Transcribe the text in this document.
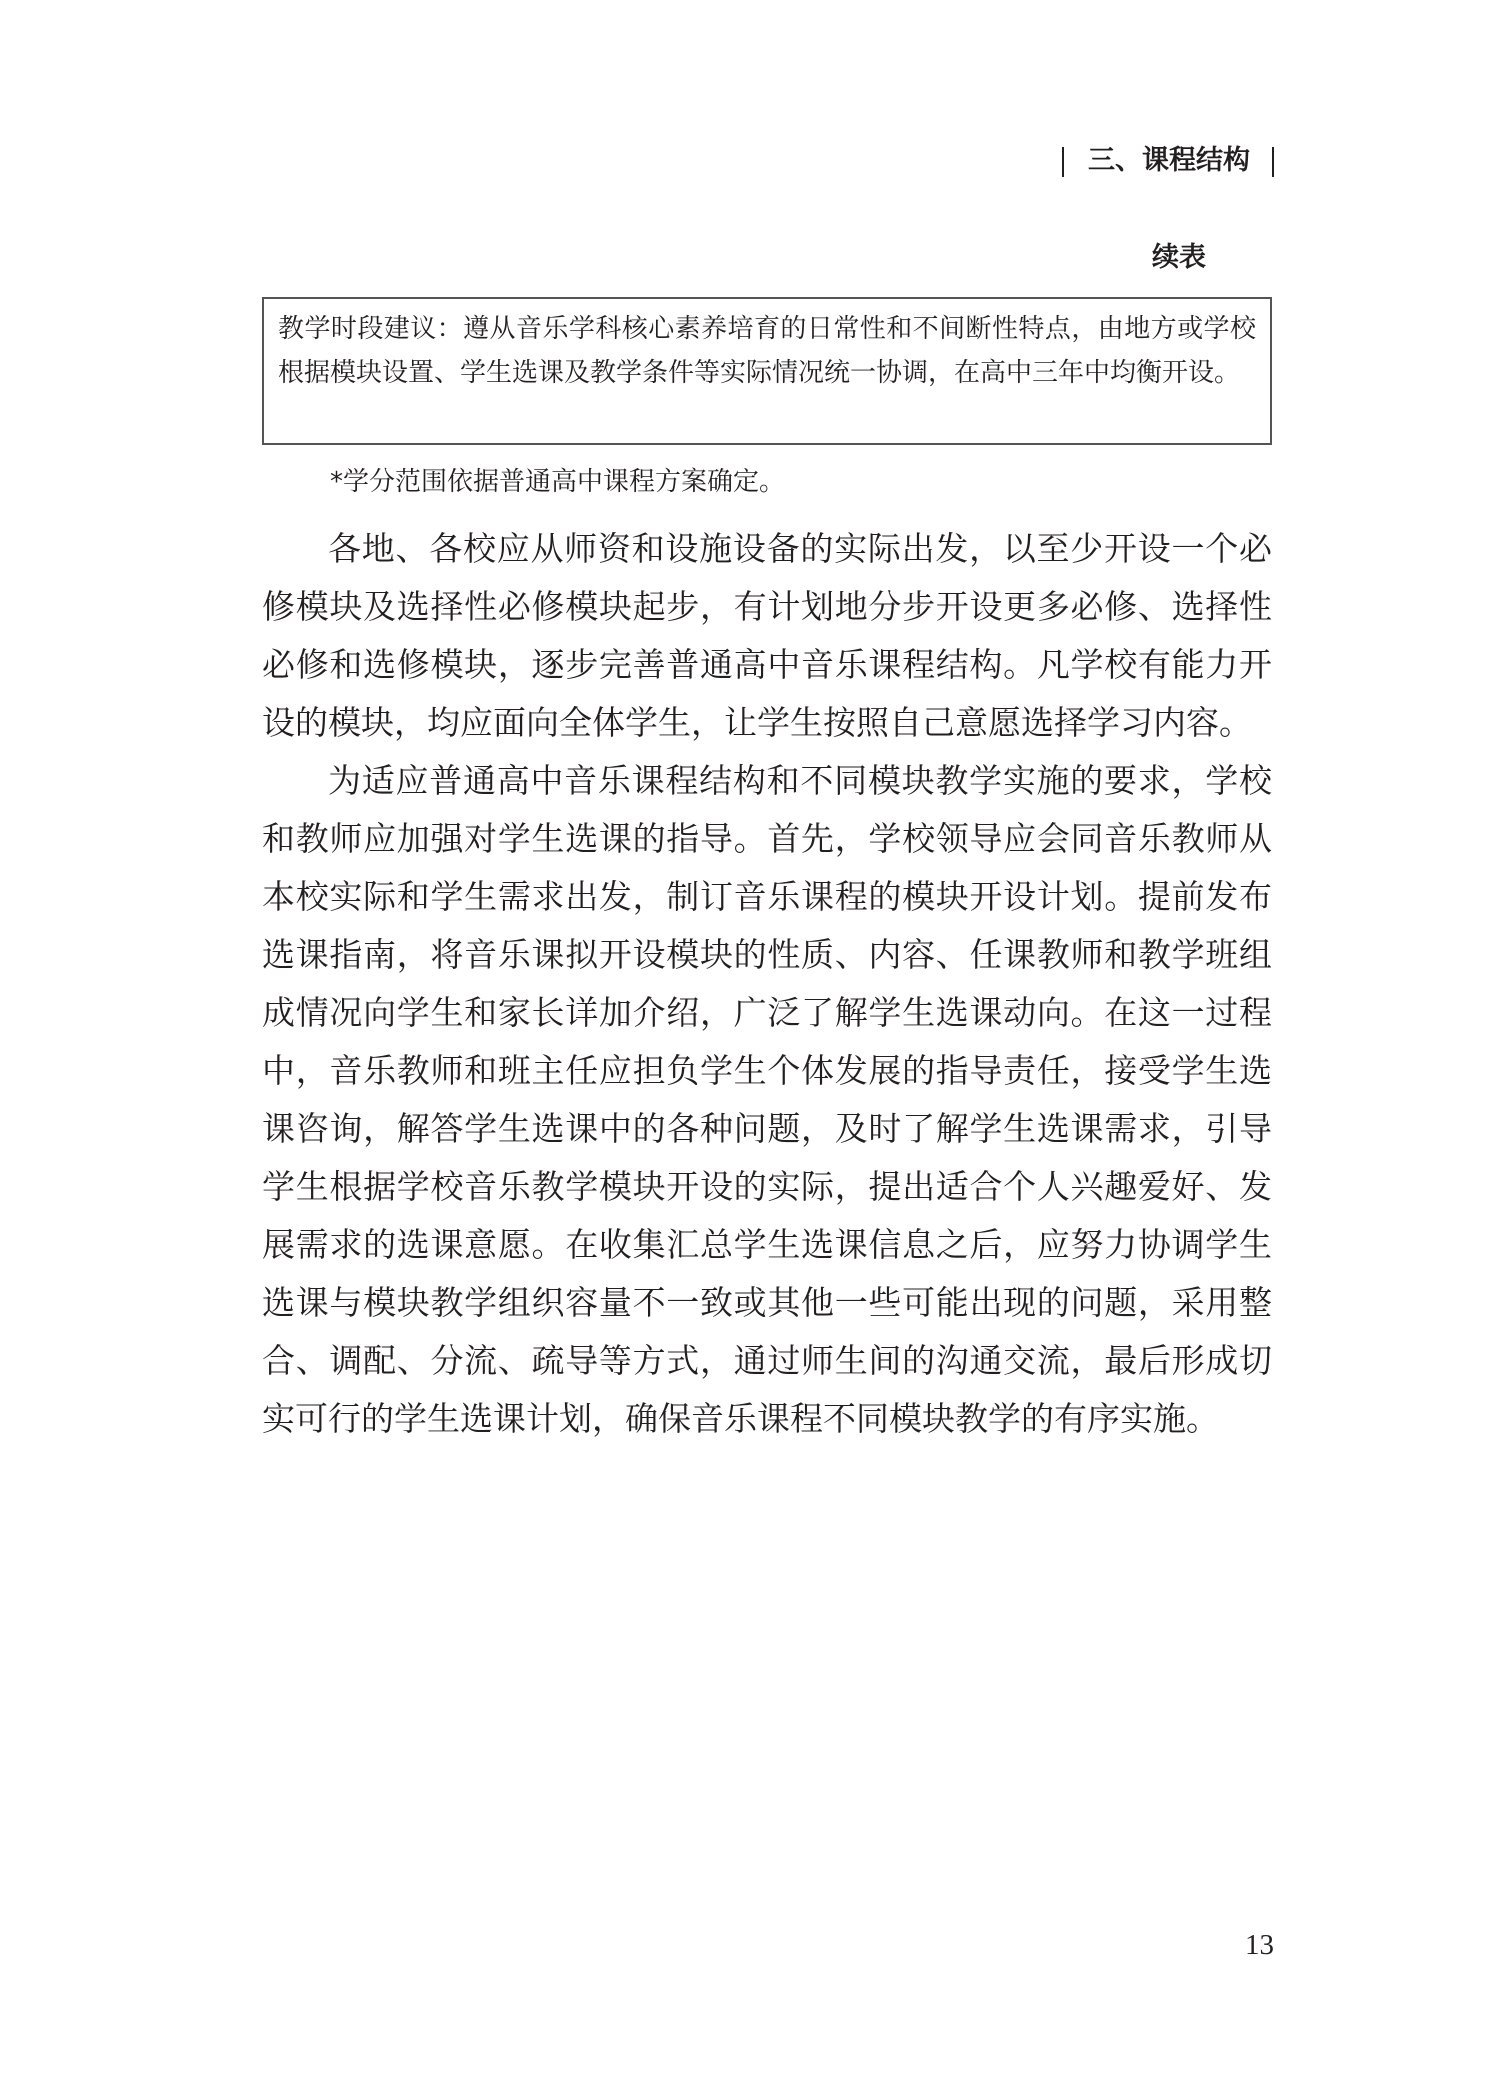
三、课程结构
续表
教学时段建议：遵从音乐学科核心素养培育的日常性和不间断性特点，由地方或学校根据模块设置、学生选课及教学条件等实际情况统一协调，在高中三年中均衡开设。
*学分范围依据普通高中课程方案确定。

各地、各校应从师资和设施设备的实际出发，以至少开设一个必修模块及选择性必修模块起步，有计划地分步开设更多必修、选择性必修和选修模块，逐步完善普通高中音乐课程结构。凡学校有能力开设的模块，均应面向全体学生，让学生按照自己意愿选择学习内容。

为适应普通高中音乐课程结构和不同模块教学实施的要求，学校和教师应加强对学生选课的指导。首先，学校领导应会同音乐教师从本校实际和学生需求出发，制订音乐课程的模块开设计划。提前发布选课指南，将音乐课拟开设模块的性质、内容、任课教师和教学班组成情况向学生和家长详加介绍，广泛了解学生选课动向。在这一过程中，音乐教师和班主任应担负学生个体发展的指导责任，接受学生选课咨询，解答学生选课中的各种问题，及时了解学生选课需求，引导学生根据学校音乐教学模块开设的实际，提出适合个人兴趣爱好、发展需求的选课意愿。在收集汇总学生选课信息之后，应努力协调学生选课与模块教学组织容量不一致或其他一些可能出现的问题，采用整合、调配、分流、疏导等方式，通过师生间的沟通交流，最后形成切实可行的学生选课计划，确保音乐课程不同模块教学的有序实施。

13
